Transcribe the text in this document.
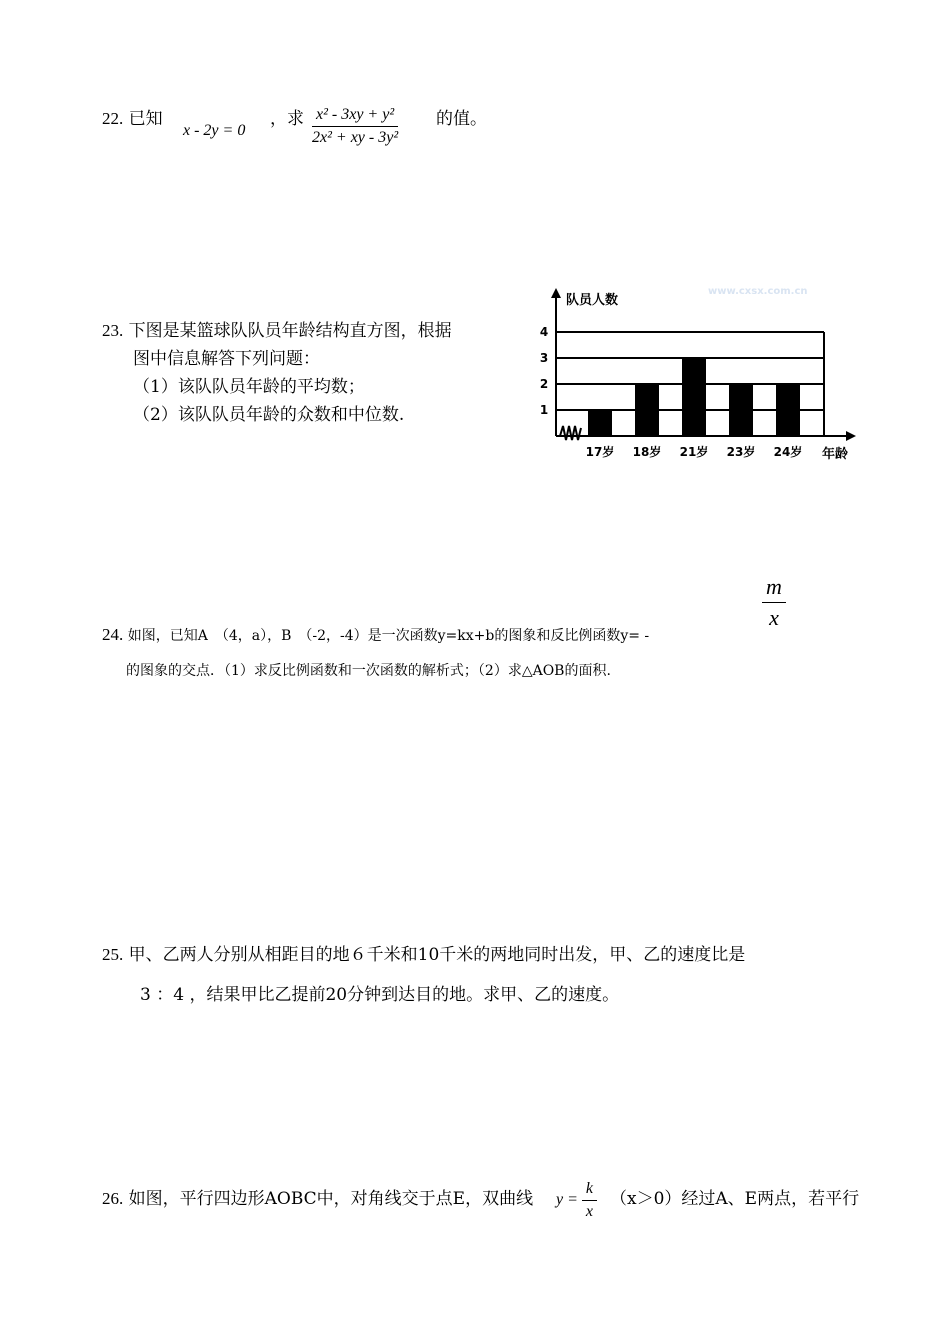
22. 已知
x - 2y = 0
，求 $\frac{\text{x² - 3xy + y²}}{\text{2x² + xy - 3y²}}$ 的值。
23. 下图是某篮球队队员年龄结构直方图，根据
图中信息解答下列问题：
（1）该队队员年龄的平均数；
（2）该队队员年龄的众数和中位数.
www.cxsx.com.cn
1
2
3
4
队员人数
年龄
17岁 18岁 21岁 23岁 24岁
24. 如图，已知A　（4，a），B　（-2，-4）是一次函数y=kx+b的图象和反比例函数y= -
$\frac{m}{x}$
的图象的交点．（1）求反比例函数和一次函数的解析式；（2）求△AOB的面积.
25. 甲、乙两人分别从相距目的地６千米和10千米的两地同时出发，甲、乙的速度比是
3 ：4 ，结果甲比乙提前20分钟到达目的地。求甲、乙的速度。
26. 如图，平行四边形AOBC中，对角线交于点E，双曲线 $y = \frac{k}{x} (x>0)$经过A、E两点，若平行
